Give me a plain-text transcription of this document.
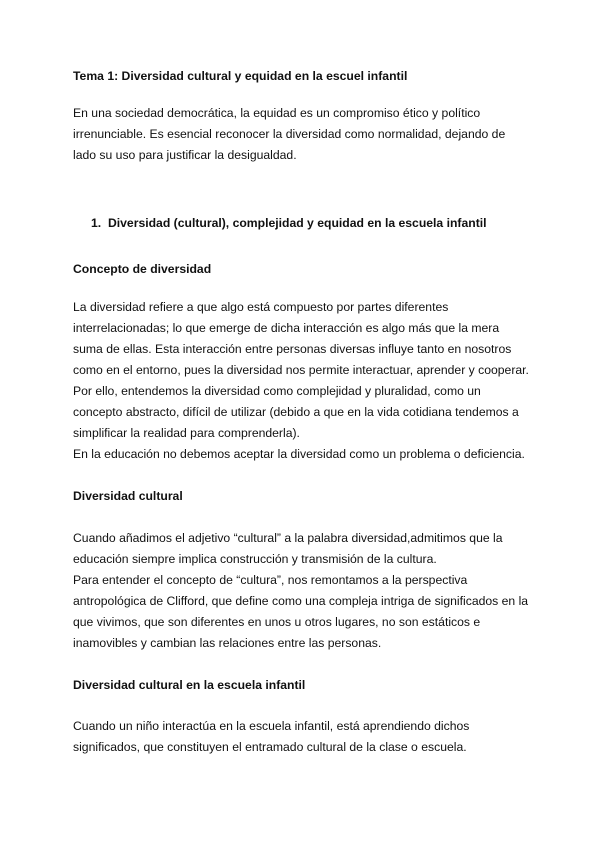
Tema 1: Diversidad cultural y equidad en la escuel infantil

En una sociedad democrática, la equidad es un compromiso ético y político
irrenunciable. Es esencial reconocer la diversidad como normalidad, dejando de
lado su uso para justificar la desigualdad.

1. Diversidad (cultural), complejidad y equidad en la escuela infantil

Concepto de diversidad

La diversidad refiere a que algo está compuesto por partes diferentes
interrelacionadas; lo que emerge de dicha interacción es algo más que la mera
suma de ellas. Esta interacción entre personas diversas influye tanto en nosotros
como en el entorno, pues la diversidad nos permite interactuar, aprender y cooperar.
Por ello, entendemos la diversidad como complejidad y pluralidad, como un
concepto abstracto, difícil de utilizar (debido a que en la vida cotidiana tendemos a
simplificar la realidad para comprenderla).
En la educación no debemos aceptar la diversidad como un problema o deficiencia.

Diversidad cultural

Cuando añadimos el adjetivo “cultural” a la palabra diversidad,admitimos que la
educación siempre implica construcción y transmisión de la cultura.
Para entender el concepto de “cultura”, nos remontamos a la perspectiva
antropológica de Clifford, que define como una compleja intriga de significados en la
que vivimos, que son diferentes en unos u otros lugares, no son estáticos e
inamovibles y cambian las relaciones entre las personas.

Diversidad cultural en la escuela infantil

Cuando un niño interactúa en la escuela infantil, está aprendiendo dichos
significados, que constituyen el entramado cultural de la clase o escuela.
